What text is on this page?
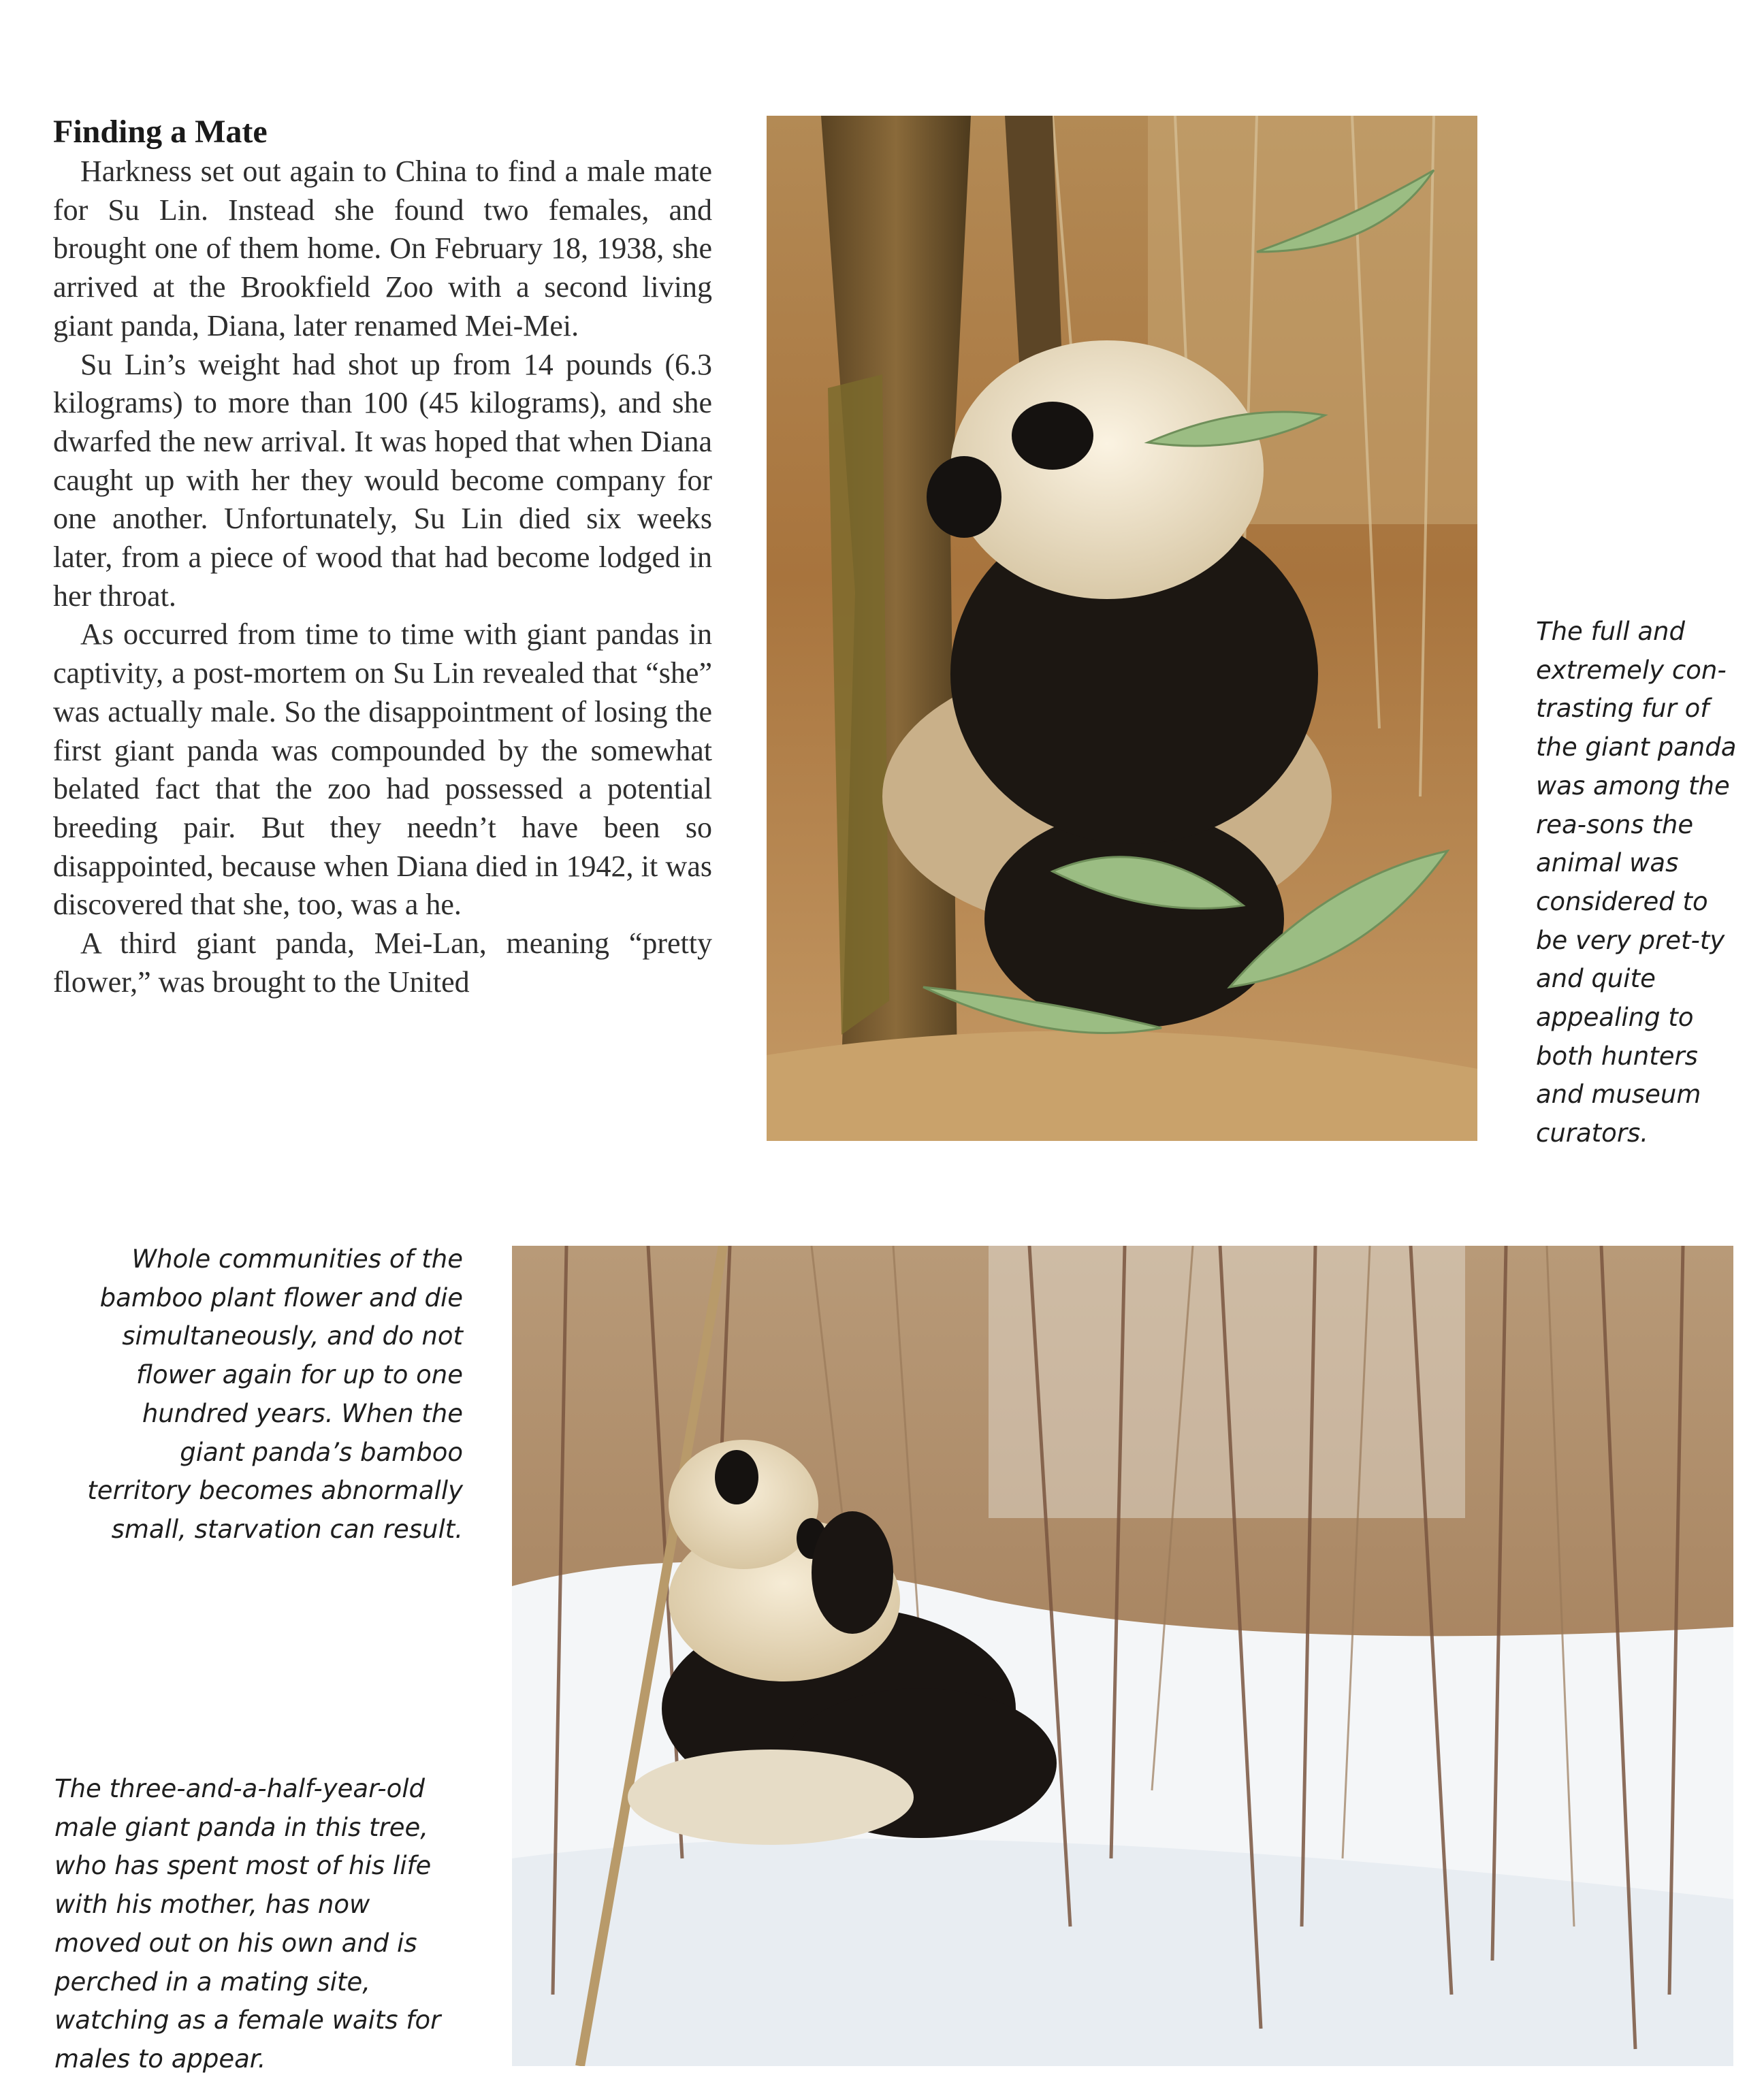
Finding a Mate

Harkness set out again to China to find a male mate for Su Lin. Instead she found two females, and brought one of them home. On February 18, 1938, she arrived at the Brookfield Zoo with a second living giant panda, Diana, later renamed Mei-Mei.

Su Lin’s weight had shot up from 14 pounds (6.3 kilograms) to more than 100 (45 kilograms), and she dwarfed the new arrival. It was hoped that when Diana caught up with her they would become company for one another. Unfortunately, Su Lin died six weeks later, from a piece of wood that had become lodged in her throat.

As occurred from time to time with giant pandas in captivity, a post-mortem on Su Lin revealed that “she” was actually male. So the disappointment of losing the first giant panda was compounded by the somewhat belated fact that the zoo had possessed a potential breeding pair. But they needn’t have been so disappointed, because when Diana died in 1942, it was discovered that she, too, was a he.

A third giant panda, Mei-Lan, meaning “pretty flower,” was brought to the United

The full and extremely con-trasting fur of the giant panda was among the rea-sons the animal was considered to be very pret-ty and quite appealing to both hunters and museum curators.

Whole communities of the bamboo plant flower and die simultaneously, and do not flower again for up to one hundred years. When the giant panda’s bamboo territory becomes abnormally small, starvation can result.

The three-and-a-half-year-old male giant panda in this tree, who has spent most of his life with his mother, has now moved out on his own and is perched in a mating site, watching as a female waits for males to appear.
